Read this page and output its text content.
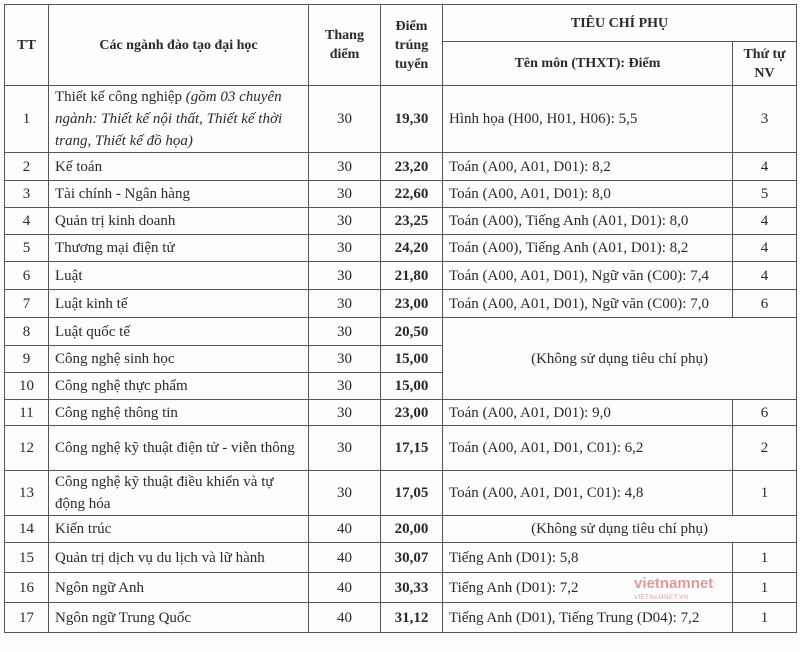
TT	Các ngành đào tạo đại học	Thang điểm	Điểm trúng tuyển	TIÊU CHÍ PHỤ	
				Tên môn (THXT): Điểm	Thứ tự NV
1	Thiết kế công nghiệp (gồm 03 chuyên ngành: Thiết kế nội thất, Thiết kế thời trang, Thiết kế đồ họa)	30	19,30	Hình họa (H00, H01, H06): 5,5	3
2	Kế toán	30	23,20	Toán (A00, A01, D01): 8,2	4
3	Tài chính - Ngân hàng	30	22,60	Toán (A00, A01, D01): 8,0	5
4	Quản trị kinh doanh	30	23,25	Toán (A00), Tiếng Anh (A01, D01): 8,0	4
5	Thương mại điện tử	30	24,20	Toán (A00), Tiếng Anh (A01, D01): 8,2	4
6	Luật	30	21,80	Toán (A00, A01, D01), Ngữ văn (C00): 7,4	4
7	Luật kinh tế	30	23,00	Toán (A00, A01, D01), Ngữ văn (C00): 7,0	6
8	Luật quốc tế	30	20,50	(Không sử dụng tiêu chí phụ)	
9	Công nghệ sinh học	30	15,00		
10	Công nghệ thực phẩm	30	15,00		
11	Công nghệ thông tin	30	23,00	Toán (A00, A01, D01): 9,0	6
12	Công nghệ kỹ thuật điện tử - viễn thông	30	17,15	Toán (A00, A01, D01, C01): 6,2	2
13	Công nghệ kỹ thuật điều khiển và tự động hóa	30	17,05	Toán (A00, A01, D01, C01): 4,8	1
14	Kiến trúc	40	20,00	(Không sử dụng tiêu chí phụ)	
15	Quản trị dịch vụ du lịch và lữ hành	40	30,07	Tiếng Anh (D01): 5,8	1
16	Ngôn ngữ Anh	40	30,33	Tiếng Anh (D01): 7,2	1
17	Ngôn ngữ Trung Quốc	40	31,12	Tiếng Anh (D01), Tiếng Trung (D04): 7,2	1
vietnamnet
VIETNAMNET.VN
